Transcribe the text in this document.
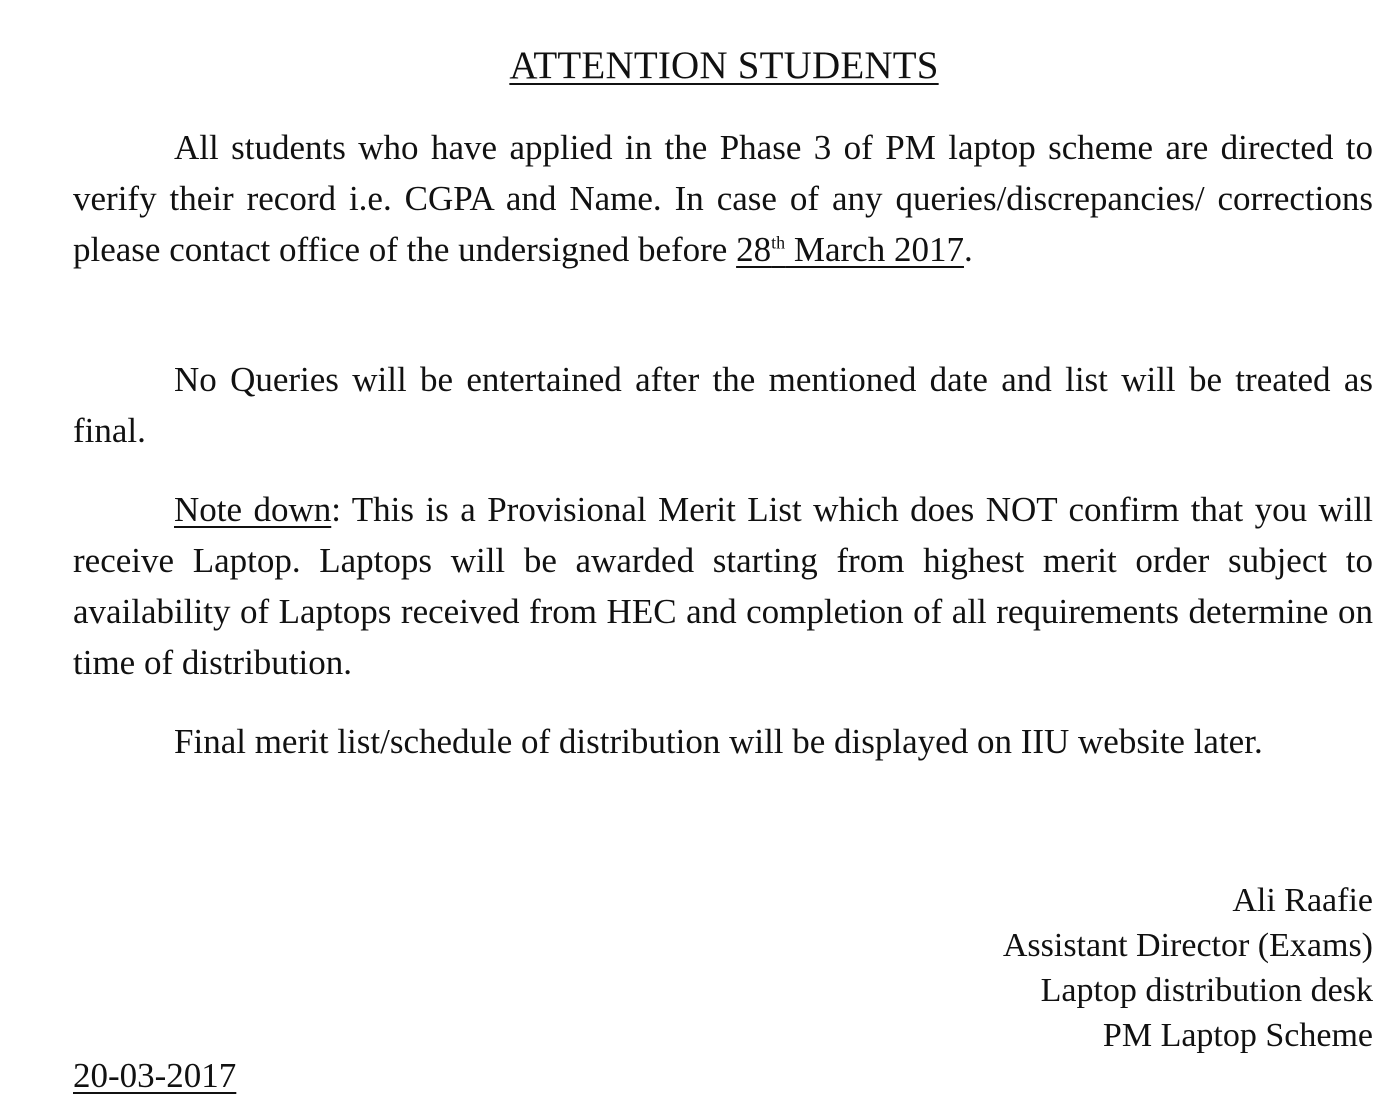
ATTENTION STUDENTS

All students who have applied in the Phase 3 of PM laptop scheme are directed to verify their record i.e. CGPA and Name. In case of any queries/discrepancies/ corrections please contact office of the undersigned before 28th March 2017.

No Queries will be entertained after the mentioned date and list will be treated as final.

Note down: This is a Provisional Merit List which does NOT confirm that you will receive Laptop. Laptops will be awarded starting from highest merit order subject to availability of Laptops received from HEC and completion of all requirements determine on time of distribution.

Final merit list/schedule of distribution will be displayed on IIU website later.

Ali Raafie
Assistant Director (Exams)
Laptop distribution desk
PM Laptop Scheme
20-03-2017
